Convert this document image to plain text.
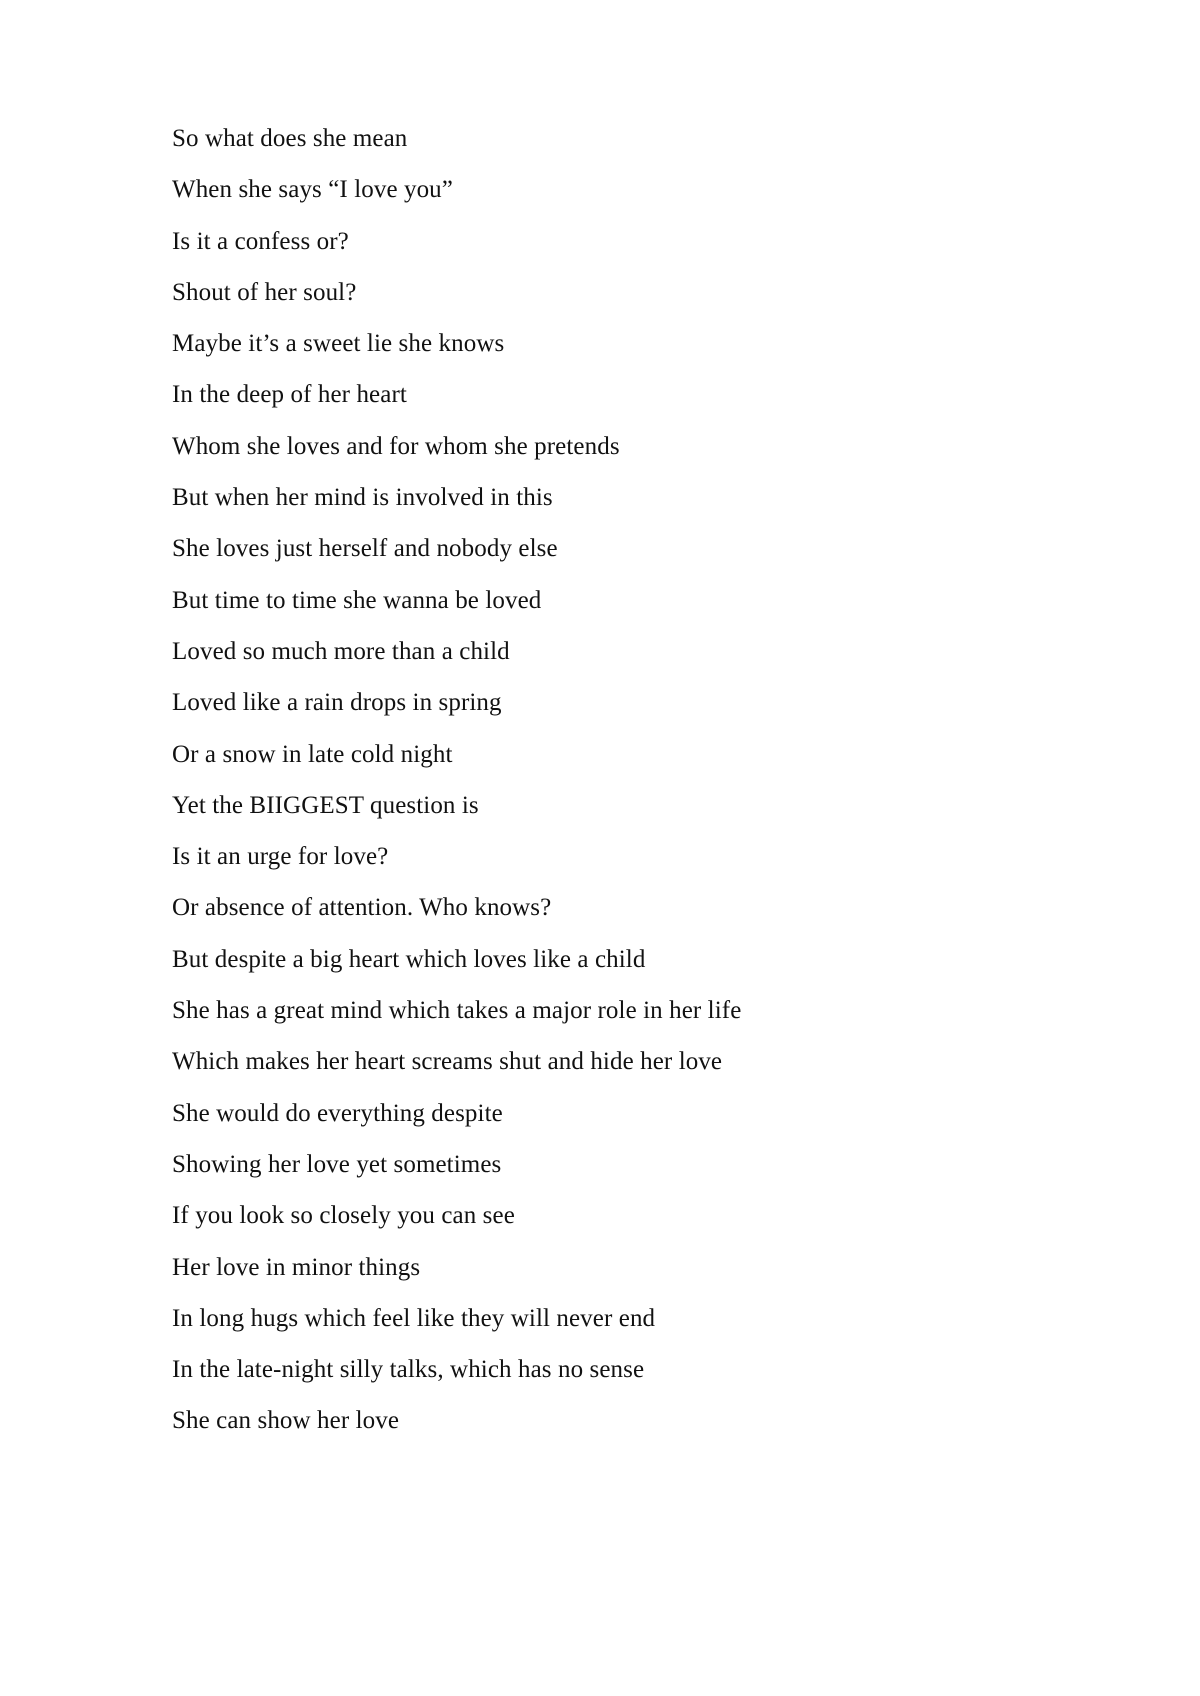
So what does she mean
When she says “I love you”
Is it a confess or?
Shout of her soul?
Maybe it’s a sweet lie she knows
In the deep of her heart
Whom she loves and for whom she pretends
But when her mind is involved in this
She loves just herself and nobody else
But time to time she wanna be loved
Loved so much more than a child
Loved like a rain drops in spring
Or a snow in late cold night
Yet the BIIGGEST question is
Is it an urge for love?
Or absence of attention. Who knows?
But despite a big heart which loves like a child
She has a great mind which takes a major role in her life
Which makes her heart screams shut and hide her love
She would do everything despite
Showing her love yet sometimes
If you look so closely you can see
Her love in minor things
In long hugs which feel like they will never end
In the late-night silly talks, which has no sense
She can show her love
